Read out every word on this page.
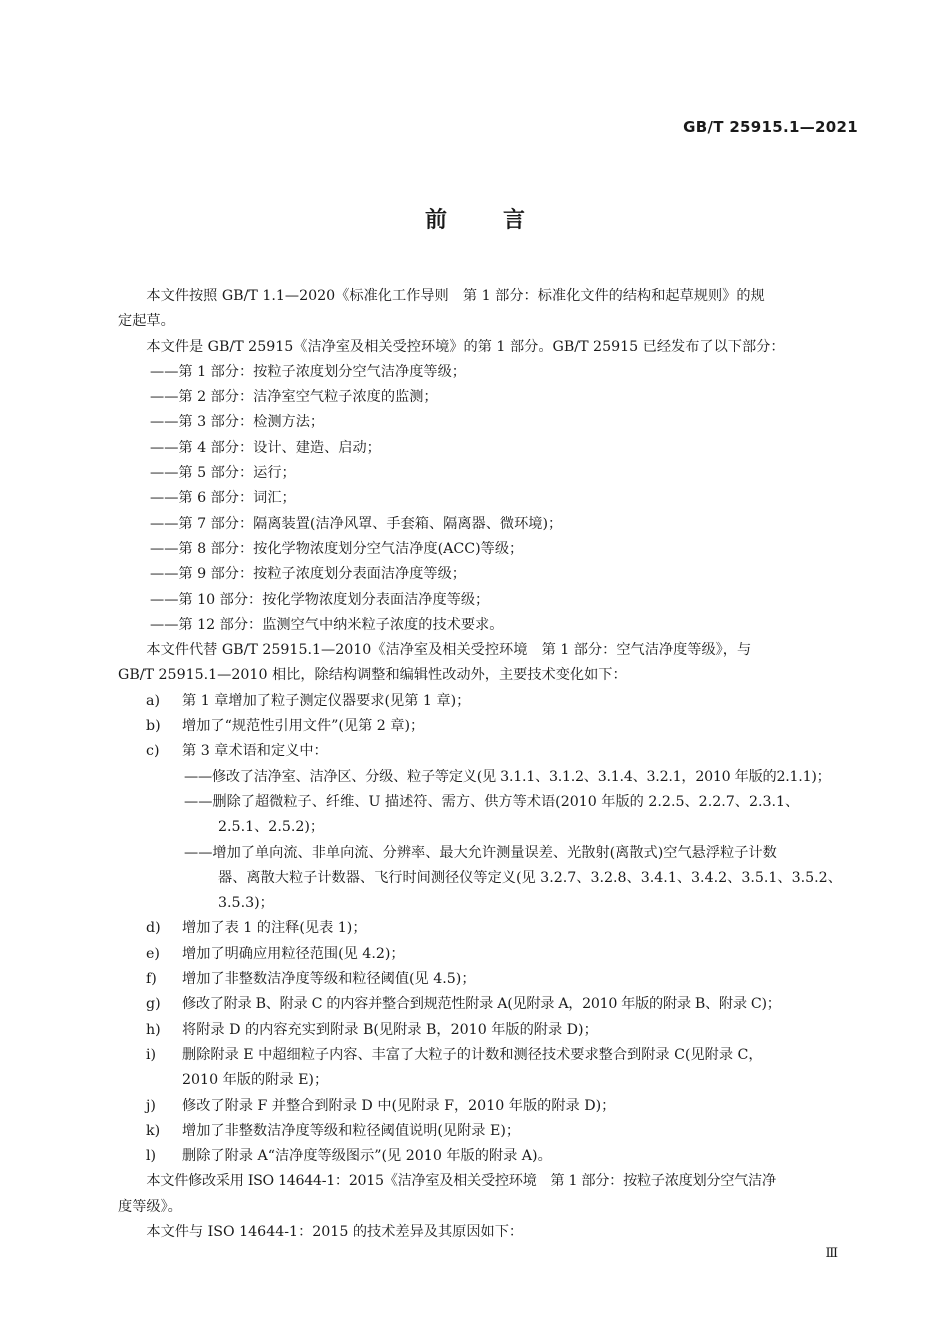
GB/T 25915.1—2021
前	言

本文件按照 GB/T 1.1—2020《标准化工作导则　第 1 部分：标准化文件的结构和起草规则》的规

定起草。

本文件是 GB/T 25915《洁净室及相关受控环境》的第 1 部分。GB/T 25915 已经发布了以下部分：

——第 1 部分：按粒子浓度划分空气洁净度等级；

——第 2 部分：洁净室空气粒子浓度的监测；

——第 3 部分：检测方法；

——第 4 部分：设计、建造、启动；

——第 5 部分：运行；

——第 6 部分：词汇；

——第 7 部分：隔离装置(洁净风罩、手套箱、隔离器、微环境)；

——第 8 部分：按化学物浓度划分空气洁净度(ACC)等级；

——第 9 部分：按粒子浓度划分表面洁净度等级；

——第 10 部分：按化学物浓度划分表面洁净度等级；

——第 12 部分：监测空气中纳米粒子浓度的技术要求。

本文件代替 GB/T 25915.1—2010《洁净室及相关受控环境　第 1 部分：空气洁净度等级》，与

GB/T 25915.1—2010 相比，除结构调整和编辑性改动外，主要技术变化如下：

a)	第 1 章增加了粒子测定仪器要求(见第 1 章)；
b)	增加了“规范性引用文件”(见第 2 章)；
c)	第 3 章术语和定义中：

——修改了洁净室、洁净区、分级、粒子等定义(见 3.1.1、3.1.2、3.1.4、3.2.1，2010 年版的2.1.1)；

——删除了超微粒子、纤维、U 描述符、需方、供方等术语(2010 年版的 2.2.5、2.2.7、2.3.1、

2.5.1、2.5.2)；

——增加了单向流、非单向流、分辨率、最大允许测量误差、光散射(离散式)空气悬浮粒子计数

器、离散大粒子计数器、飞行时间测径仪等定义(见 3.2.7、3.2.8、3.4.1、3.4.2、3.5.1、3.5.2、

3.5.3)；

d)	增加了表 1 的注释(见表 1)；
e)	增加了明确应用粒径范围(见 4.2)；
f)	增加了非整数洁净度等级和粒径阈值(见 4.5)；
g)	修改了附录 B、附录 C 的内容并整合到规范性附录 A(见附录 A，2010 年版的附录 B、附录 C)；
h)	将附录 D 的内容充实到附录 B(见附录 B，2010 年版的附录 D)；
i)	删除附录 E 中超细粒子内容、丰富了大粒子的计数和测径技术要求整合到附录 C(见附录 C，
2010 年版的附录 E)；
j)	修改了附录 F 并整合到附录 D 中(见附录 F，2010 年版的附录 D)；
k)	增加了非整数洁净度等级和粒径阈值说明(见附录 E)；
l)	删除了附录 A“洁净度等级图示”(见 2010 年版的附录 A)。

本文件修改采用 ISO 14644-1：2015《洁净室及相关受控环境　第 1 部分：按粒子浓度划分空气洁净

度等级》。

本文件与 ISO 14644-1：2015 的技术差异及其原因如下：

Ⅲ
